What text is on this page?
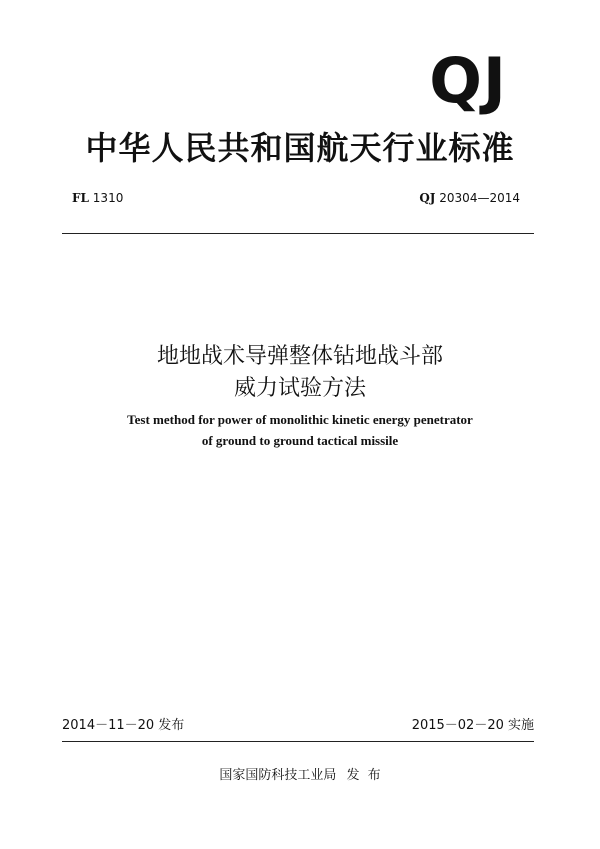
QJ
中华人民共和国航天行业标准
FL 1310	QJ 20304—2014
地地战术导弹整体钻地战斗部
威力试验方法
Test method for power of monolithic kinetic energy penetrator
of ground to ground tactical missile
2014－11－20 发布	2015－02－20 实施
国家国防科技工业局 发 布
